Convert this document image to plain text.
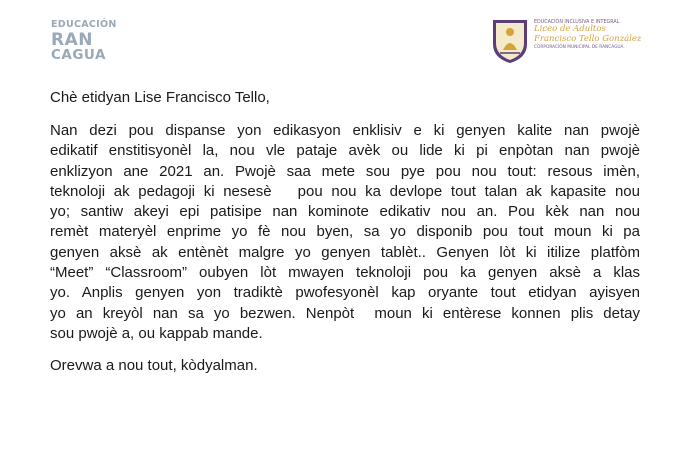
EDUCACIÓN
RAN
CAGUA
EDUCACIÓN INCLUSIVA E INTEGRAL
Liceo de Adultos
Francisco Tello González
CORPORACIÓN MUNICIPAL DE RANCAGUA

Chè etidyan Lise Francisco Tello,

Nan dezi pou dispanse yon edikasyon enklisiv e ki genyen kalite nan pwojè
edikatif enstitisyonèl la, nou vle pataje avèk ou lide ki pi enpòtan nan pwojè
enklizyon ane 2021 an. Pwojè saa mete sou pye pou nou tout: resous imèn,
teknoloji ak pedagoji ki nesesè   pou nou ka devlope tout talan ak kapasite nou
yo; santiw akeyi epi patisipe nan kominote edikativ nou an. Pou kèk nan nou
remèt materyèl enprime yo fè nou byen, sa yo disponib pou tout moun ki pa
genyen aksè ak entènèt malgre yo genyen tablèt.. Genyen lòt ki itilize platfòm
“Meet” “Classroom” oubyen lòt mwayen teknoloji pou ka genyen aksè a klas
yo. Anplis genyen yon tradiktè pwofesyonèl kap oryante tout etidyan ayisyen
yo an kreyòl nan sa yo bezwen. Nenpòt  moun ki entèrese konnen plis detay
sou pwojè a, ou kappab mande.

Orevwa a nou tout, kòdyalman.
